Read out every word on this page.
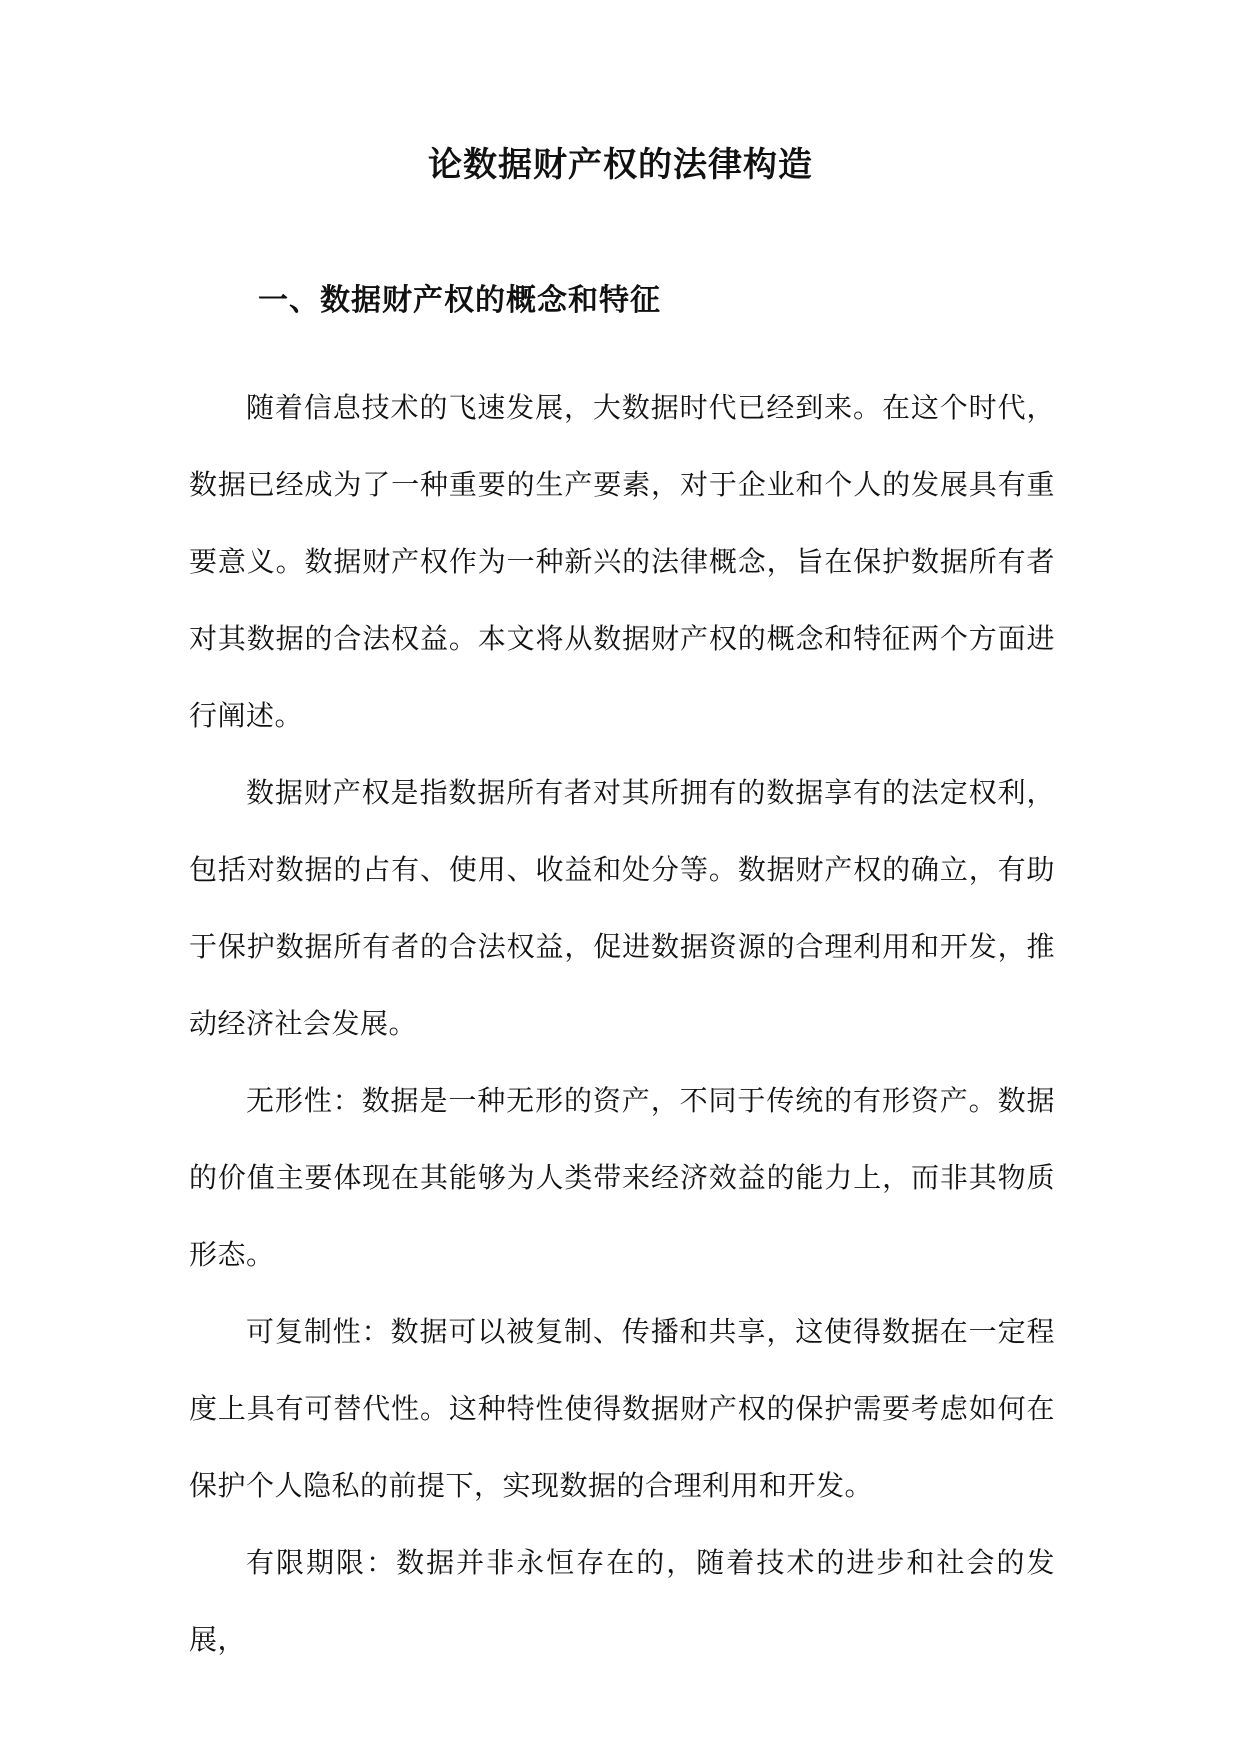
论数据财产权的法律构造
一、数据财产权的概念和特征

随着信息技术的飞速发展，大数据时代已经到来。在这个时代，数据已经成为了一种重要的生产要素，对于企业和个人的发展具有重要意义。数据财产权作为一种新兴的法律概念，旨在保护数据所有者对其数据的合法权益。本文将从数据财产权的概念和特征两个方面进行阐述。

数据财产权是指数据所有者对其所拥有的数据享有的法定权利，包括对数据的占有、使用、收益和处分等。数据财产权的确立，有助于保护数据所有者的合法权益，促进数据资源的合理利用和开发，推动经济社会发展。

无形性：数据是一种无形的资产，不同于传统的有形资产。数据的价值主要体现在其能够为人类带来经济效益的能力上，而非其物质形态。

可复制性：数据可以被复制、传播和共享，这使得数据在一定程度上具有可替代性。这种特性使得数据财产权的保护需要考虑如何在保护个人隐私的前提下，实现数据的合理利用和开发。

有限期限：数据并非永恒存在的，随着技术的进步和社会的发展，
